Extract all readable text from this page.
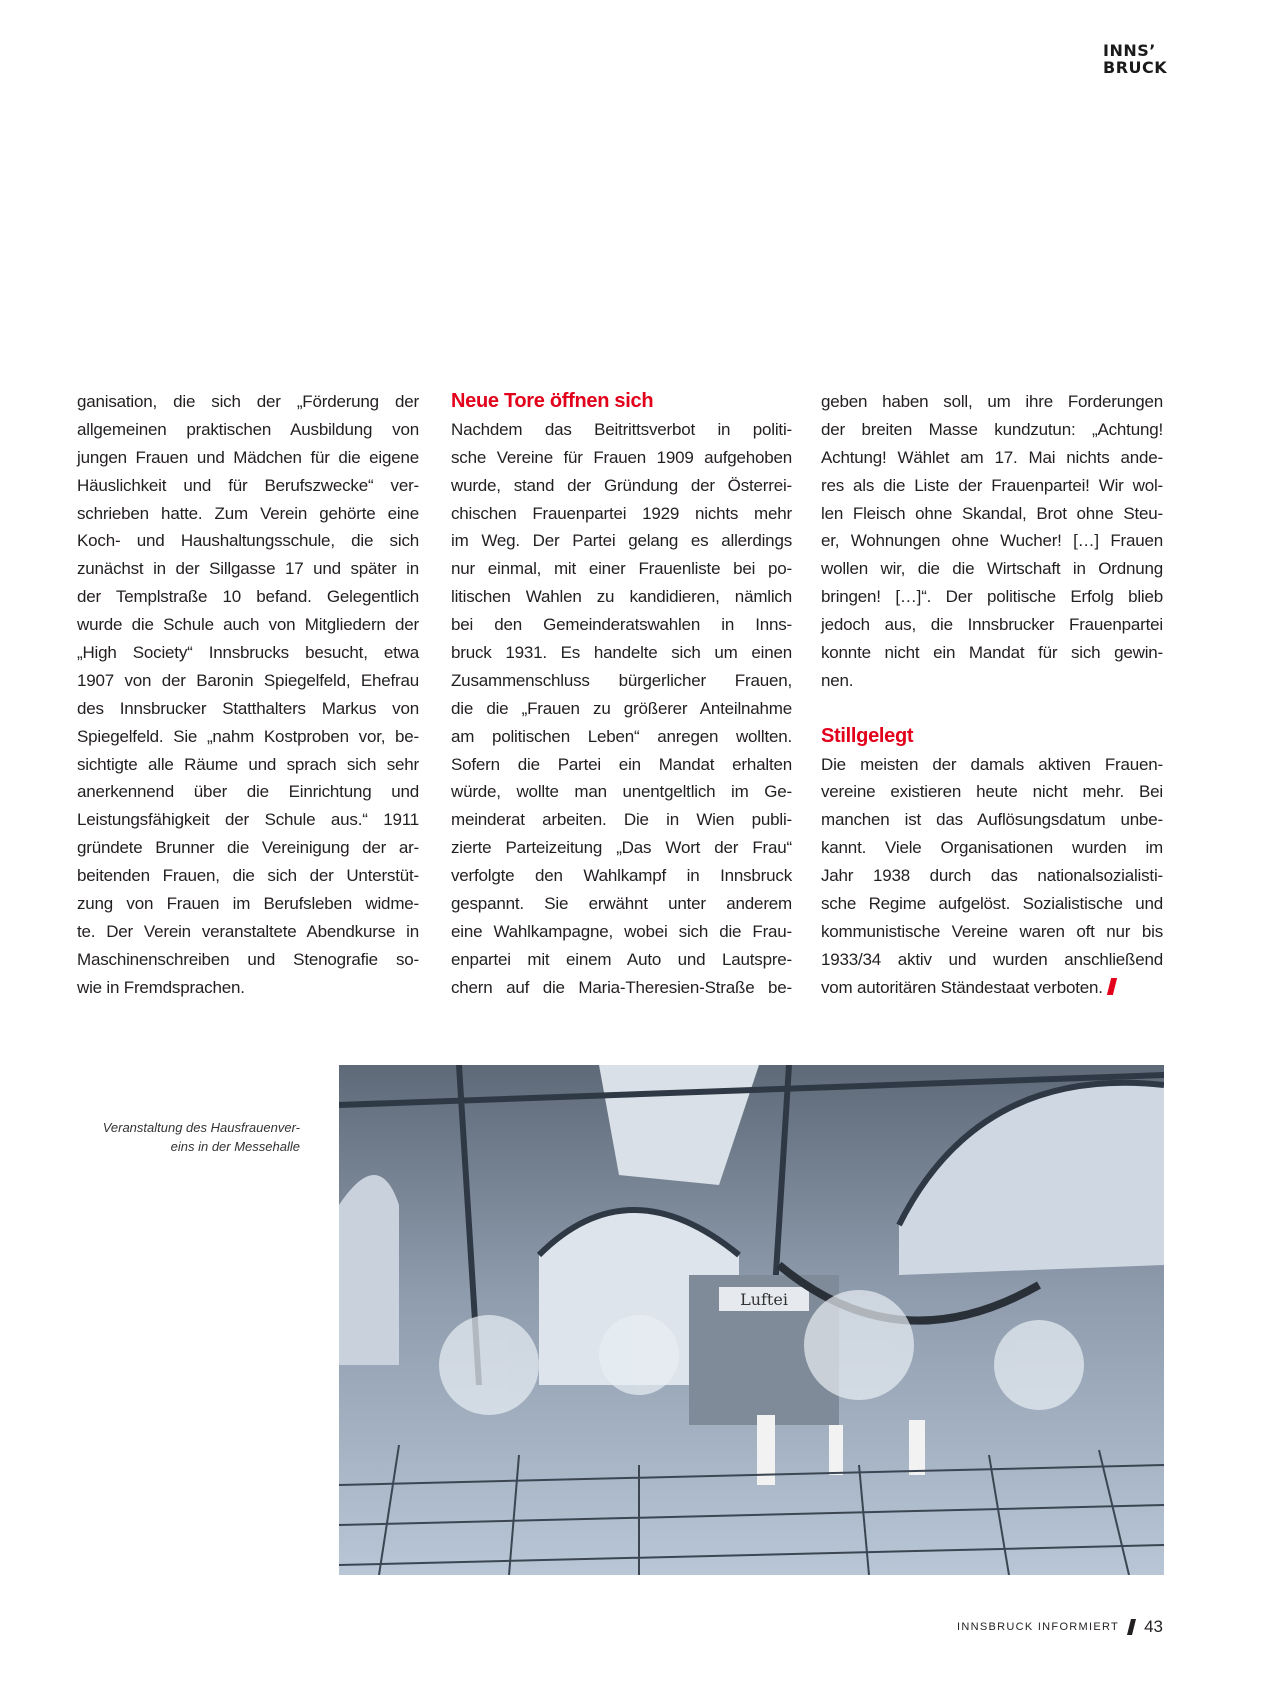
INNS’
BRUCK
ganisation, die sich der „Förderung der
allgemeinen praktischen Ausbildung von
jungen Frauen und Mädchen für die eigene
Häuslichkeit und für Berufszwecke“ ver-
schrieben hatte. Zum Verein gehörte eine
Koch- und Haushaltungsschule, die sich
zunächst in der Sillgasse 17 und später in
der Templstraße 10 befand. Gelegentlich
wurde die Schule auch von Mitgliedern der
„High Society“ Innsbrucks besucht, etwa
1907 von der Baronin Spiegelfeld, Ehefrau
des Innsbrucker Statthalters Markus von
Spiegelfeld. Sie „nahm Kostproben vor, be-
sichtigte alle Räume und sprach sich sehr
anerkennend über die Einrichtung und
Leistungsfähigkeit der Schule aus.“ 1911
gründete Brunner die Vereinigung der ar-
beitenden Frauen, die sich der Unterstüt-
zung von Frauen im Berufsleben widme-
te. Der Verein veranstaltete Abendkurse in
Maschinenschreiben und Stenografie so-
wie in Fremdsprachen.
Neue Tore öffnen sich
Nachdem das Beitrittsverbot in politi-
sche Vereine für Frauen 1909 aufgehoben
wurde, stand der Gründung der Österrei-
chischen Frauenpartei 1929 nichts mehr
im Weg. Der Partei gelang es allerdings
nur einmal, mit einer Frauenliste bei po-
litischen Wahlen zu kandidieren, nämlich
bei den Gemeinderatswahlen in Inns-
bruck 1931. Es handelte sich um einen
Zusammenschluss bürgerlicher Frauen,
die die „Frauen zu größerer Anteilnahme
am politischen Leben“ anregen wollten.
Sofern die Partei ein Mandat erhalten
würde, wollte man unentgeltlich im Ge-
meinderat arbeiten. Die in Wien publi-
zierte Parteizeitung „Das Wort der Frau“
verfolgte den Wahlkampf in Innsbruck
gespannt. Sie erwähnt unter anderem
eine Wahlkampagne, wobei sich die Frau-
enpartei mit einem Auto und Lautspre-
chern auf die Maria-Theresien-Straße be-
geben haben soll, um ihre Forderungen
der breiten Masse kundzutun: „Achtung!
Achtung! Wählet am 17. Mai nichts ande-
res als die Liste der Frauenpartei! Wir wol-
len Fleisch ohne Skandal, Brot ohne Steu-
er, Wohnungen ohne Wucher! […] Frauen
wollen wir, die die Wirtschaft in Ordnung
bringen! […]“. Der politische Erfolg blieb
jedoch aus, die Innsbrucker Frauenpartei
konnte nicht ein Mandat für sich gewin-
nen.
Stillgelegt
Die meisten der damals aktiven Frauen-
vereine existieren heute nicht mehr. Bei
manchen ist das Auflösungsdatum unbe-
kannt. Viele Organisationen wurden im
Jahr 1938 durch das nationalsozialisti-
sche Regime aufgelöst. Sozialistische und
kommunistische Vereine waren oft nur bis
1933/34 aktiv und wurden anschließend
vom autoritären Ständestaat verboten.
Veranstaltung des Hausfrauenver-
eins in der Messehalle
Luftei
INNSBRUCK INFORMIERT 43
